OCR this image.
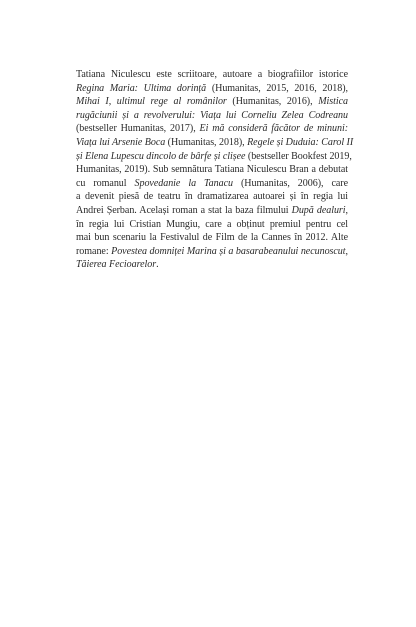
Tatiana Niculescu este scriitoare, autoare a biografiilor istorice
Regina Maria: Ultima dorință (Humanitas, 2015, 2016, 2018),
Mihai I, ultimul rege al românilor (Humanitas, 2016), Mistica
rugăciunii și a revolverului: Viața lui Corneliu Zelea Codreanu
(bestseller Humanitas, 2017), Ei mă consideră făcător de minuni:
Viața lui Arsenie Boca (Humanitas, 2018), Regele și Duduia: Carol II
și Elena Lupescu dincolo de bârfe și clișee (bestseller Bookfest 2019,
Humanitas, 2019). Sub semnătura Tatiana Niculescu Bran a debutat
cu romanul Spovedanie la Tanacu (Humanitas, 2006), care
a devenit piesă de teatru în dramatizarea autoarei și în regia lui
Andrei Șerban. Același roman a stat la baza filmului După dealuri,
în regia lui Cristian Mungiu, care a obținut premiul pentru cel
mai bun scenariu la Festivalul de Film de la Cannes în 2012. Alte
romane: Povestea domniței Marina și a basarabeanului necunoscut,
Tăierea Fecioarelor.
